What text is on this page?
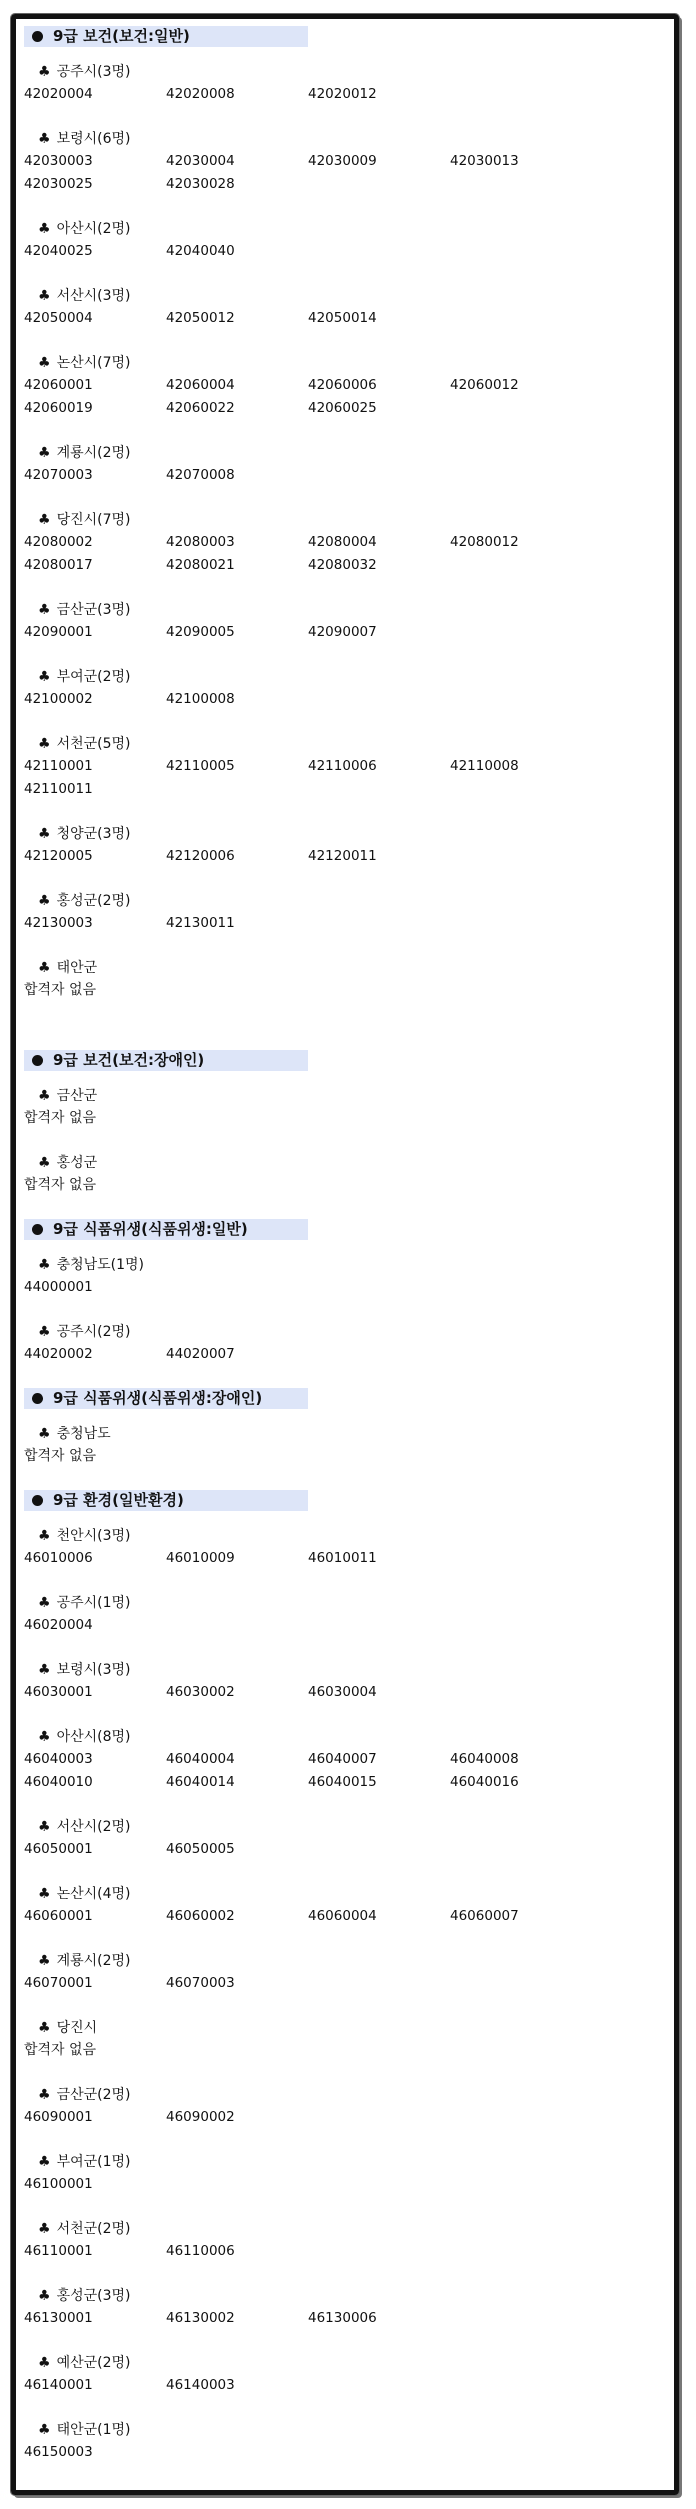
9급 보건(보건:일반)
♣ 공주시(3명)
42020004	42020008	42020012
♣ 보령시(6명)
42030003	42030004	42030009	42030013
42030025	42030028
♣ 아산시(2명)
42040025	42040040
♣ 서산시(3명)
42050004	42050012	42050014
♣ 논산시(7명)
42060001	42060004	42060006	42060012
42060019	42060022	42060025
♣ 계룡시(2명)
42070003	42070008
♣ 당진시(7명)
42080002	42080003	42080004	42080012
42080017	42080021	42080032
♣ 금산군(3명)
42090001	42090005	42090007
♣ 부여군(2명)
42100002	42100008
♣ 서천군(5명)
42110001	42110005	42110006	42110008
42110011
♣ 청양군(3명)
42120005	42120006	42120011
♣ 홍성군(2명)
42130003	42130011
♣ 태안군
합격자 없음
9급 보건(보건:장애인)
♣ 금산군
합격자 없음
♣ 홍성군
합격자 없음
9급 식품위생(식품위생:일반)
♣ 충청남도(1명)
44000001
♣ 공주시(2명)
44020002	44020007
9급 식품위생(식품위생:장애인)
♣ 충청남도
합격자 없음
9급 환경(일반환경)
♣ 천안시(3명)
46010006	46010009	46010011
♣ 공주시(1명)
46020004
♣ 보령시(3명)
46030001	46030002	46030004
♣ 아산시(8명)
46040003	46040004	46040007	46040008
46040010	46040014	46040015	46040016
♣ 서산시(2명)
46050001	46050005
♣ 논산시(4명)
46060001	46060002	46060004	46060007
♣ 계룡시(2명)
46070001	46070003
♣ 당진시
합격자 없음
♣ 금산군(2명)
46090001	46090002
♣ 부여군(1명)
46100001
♣ 서천군(2명)
46110001	46110006
♣ 홍성군(3명)
46130001	46130002	46130006
♣ 예산군(2명)
46140001	46140003
♣ 태안군(1명)
46150003
